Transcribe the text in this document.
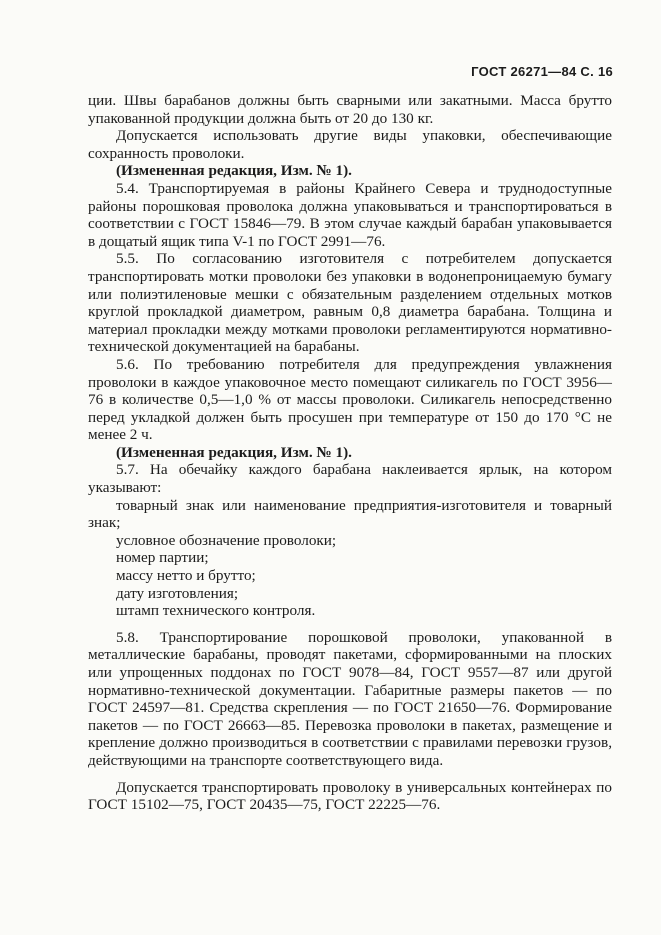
ГОСТ 26271—84 С. 16

ции. Швы барабанов должны быть сварными или закатными. Масса брутто упакованной продукции должна быть от 20 до 130 кг.

Допускается использовать другие виды упаковки, обеспечивающие сохранность проволоки.

(Измененная редакция, Изм. № 1).

5.4. Транспортируемая в районы Крайнего Севера и труднодоступные районы порошковая проволока должна упаковываться и транспортироваться в соответствии с ГОСТ 15846—79. В этом случае каждый барабан упаковывается в дощатый ящик типа V-1 по ГОСТ 2991—76.

5.5. По согласованию изготовителя с потребителем допускается транспортировать мотки проволоки без упаковки в водонепроницаемую бумагу или полиэтиленовые мешки с обязательным разделением отдельных мотков круглой прокладкой диаметром, равным 0,8 диаметра барабана. Толщина и материал прокладки между мотками проволоки регламентируются нормативно-технической документацией на барабаны.

5.6. По требованию потребителя для предупреждения увлажнения проволоки в каждое упаковочное место помещают силикагель по ГОСТ 3956—76 в количестве 0,5—1,0 % от массы проволоки. Силикагель непосредственно перед укладкой должен быть просушен при температуре от 150 до 170 °С не менее 2 ч.

(Измененная редакция, Изм. № 1).

5.7. На обечайку каждого барабана наклеивается ярлык, на котором указывают:

товарный знак или наименование предприятия-изготовителя и товарный знак;

условное обозначение проволоки;

номер партии;

массу нетто и брутто;

дату изготовления;

штамп технического контроля.

5.8. Транспортирование порошковой проволоки, упакованной в металлические барабаны, проводят пакетами, сформированными на плоских или упрощенных поддонах по ГОСТ 9078—84, ГОСТ 9557—87 или другой нормативно-технической документации. Габаритные размеры пакетов — по ГОСТ 24597—81. Средства скрепления — по ГОСТ 21650—76. Формирование пакетов — по ГОСТ 26663—85. Перевозка проволоки в пакетах, размещение и крепление должно производиться в соответствии с правилами перевозки грузов, действующими на транспорте соответствующего вида.

Допускается транспортировать проволоку в универсальных контейнерах по ГОСТ 15102—75, ГОСТ 20435—75, ГОСТ 22225—76.
